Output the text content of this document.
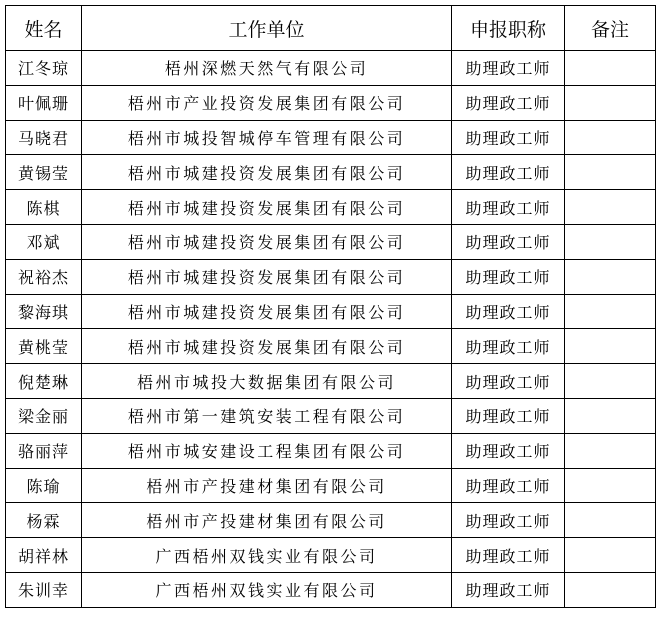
姓名	工作单位	申报职称	备注
江冬琼	梧州深燃天然气有限公司	助理政工师	
叶佩珊	梧州市产业投资发展集团有限公司	助理政工师	
马晓君	梧州市城投智城停车管理有限公司	助理政工师	
黄锡莹	梧州市城建投资发展集团有限公司	助理政工师	
陈棋	梧州市城建投资发展集团有限公司	助理政工师	
邓斌	梧州市城建投资发展集团有限公司	助理政工师	
祝裕杰	梧州市城建投资发展集团有限公司	助理政工师	
黎海琪	梧州市城建投资发展集团有限公司	助理政工师	
黄桃莹	梧州市城建投资发展集团有限公司	助理政工师	
倪楚琳	梧州市城投大数据集团有限公司	助理政工师	
梁金丽	梧州市第一建筑安装工程有限公司	助理政工师	
骆丽萍	梧州市城安建设工程集团有限公司	助理政工师	
陈瑜	梧州市产投建材集团有限公司	助理政工师	
杨霖	梧州市产投建材集团有限公司	助理政工师	
胡祥林	广西梧州双钱实业有限公司	助理政工师	
朱训幸	广西梧州双钱实业有限公司	助理政工师	
